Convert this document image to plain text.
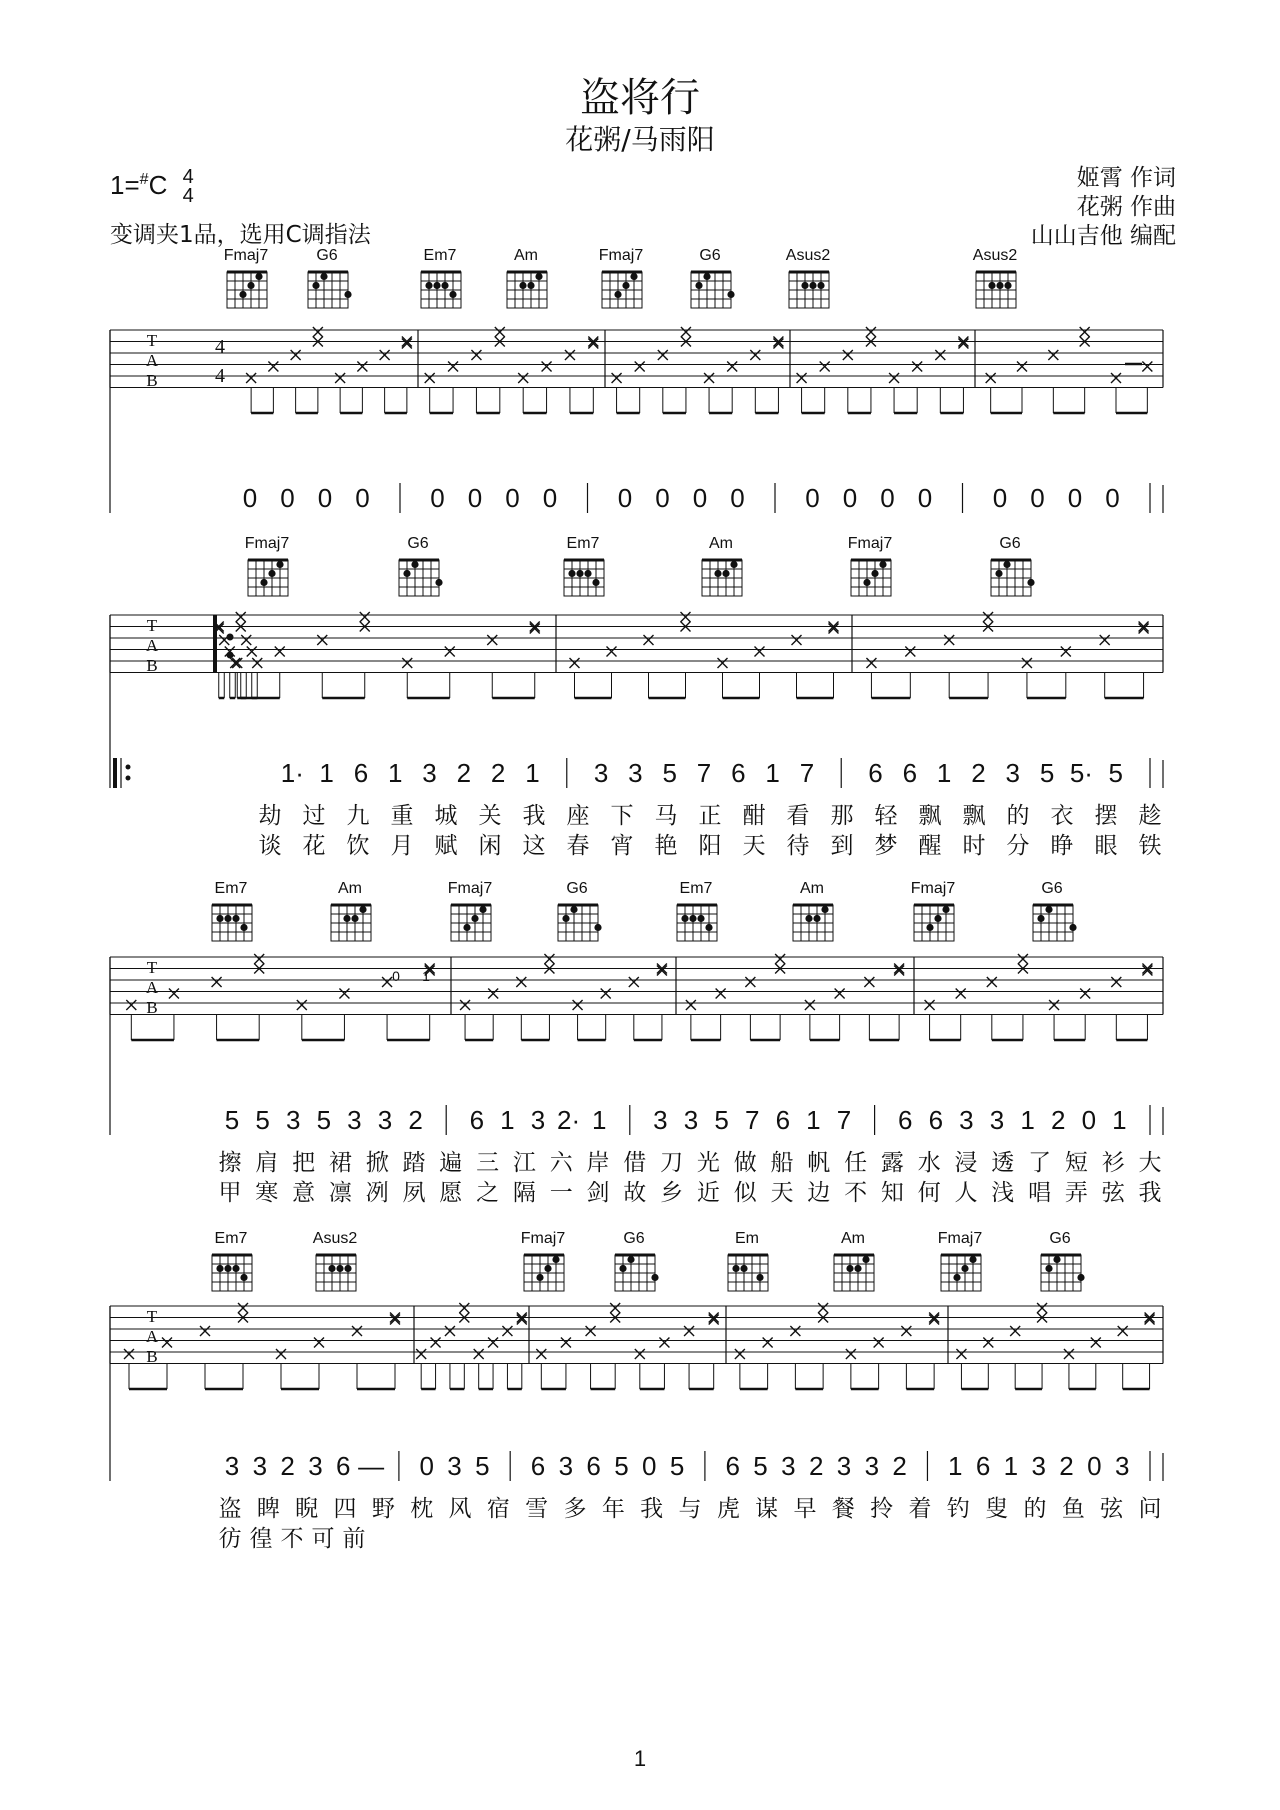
盗将行
花粥/马雨阳
1=#C 4
4
变调夹1品，选用C调指法
姬霄 作词
花粥 作曲
山山吉他 编配
T
A
B
Fmaj7	G6	Em7	Am	Fmaj7	G6	Asus2	Asus2
4
4
0 0 0 0 0 0 0 0 0 0 0 0 0 0 0 0 0 0 0 0
T
A
B
Fmaj7	G6	Em7	Am	Fmaj7	G6
1· 1 6 1 3 2 2 1 3 3 5 7 6 1 7 6 6 1 2 3 5 5· 5
劫 过 九 重 城 关 我 座 下 马 正 酣 看 那 轻 飘 飘 的 衣 摆 趁
谈 花 饮 月 赋 闲 这 春 宵 艳 阳 天 待 到 梦 醒 时 分 睁 眼 铁
T
A
B
Em7	Am	Fmaj7	G6	Em7	Am	Fmaj7	G6
0 1
5 5 3 5 3 3 2 6 1 3 2· 1 3 3 5 7 6 1 7 6 6 3 3 1 2 0 1
擦 肩 把 裙 掀 踏 遍 三 江 六 岸 借 刀 光 做 船 帆 任 露 水 浸 透 了 短 衫 大
甲 寒 意 凛 冽 夙 愿 之 隔 一 剑 故 乡 近 似 天 边 不 知 何 人 浅 唱 弄 弦 我
T
A
B
Em7	Asus2	Fmaj7	G6	Em	Am	Fmaj7	G6
3 3 2 3 6 — 0 3 5 6 3 6 5 0 5 6 5 3 2 3 3 2 1 6 1 3 2 0 3
盗 睥 睨 四 野 枕 风 宿 雪 多 年 我 与 虎 谋 早 餐 拎 着 钓 叟 的 鱼 弦 问
彷 徨 不 可 前
1
